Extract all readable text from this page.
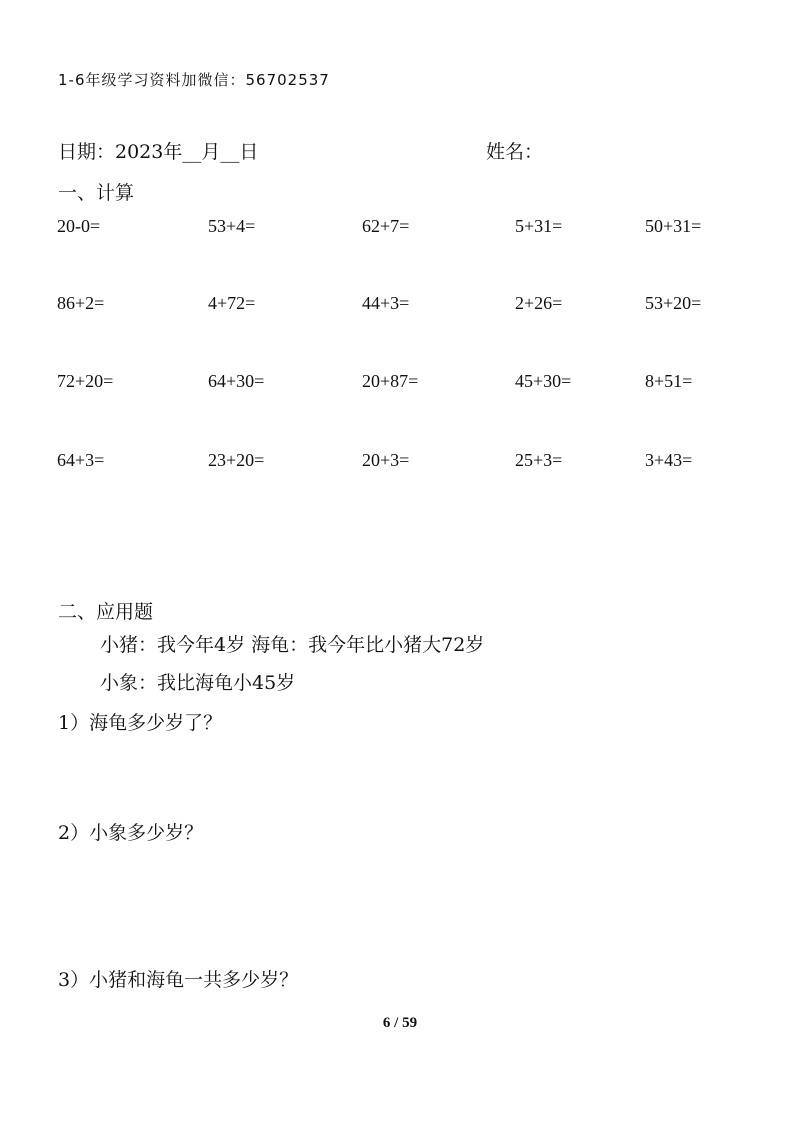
1-6年级学习资料加微信：56702537
日期：2023年__月__日	姓名：
一、计算
20-0=	53+4=	62+7=	5+31=	50+31=
86+2=	4+72=	44+3=	2+26=	53+20=
72+20=	64+30=	20+87=	45+30=	8+51=
64+3=	23+20=	20+3=	25+3=	3+43=
二、应用题
小猪：我今年4岁 海龟：我今年比小猪大72岁
小象：我比海龟小45岁
1）海龟多少岁了？
2）小象多少岁？
3）小猪和海龟一共多少岁？
6 / 59
